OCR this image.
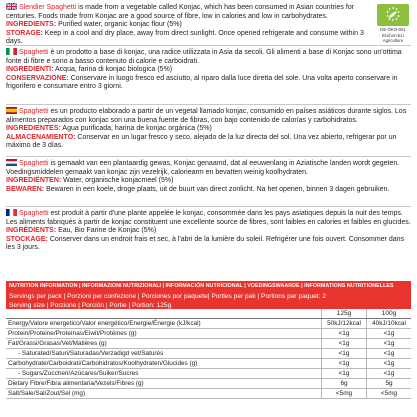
DE-ÖKO-001
EU/non-EU Agriculture
Slendier Spaghetti is made from a vegetable called Konjac, which has been consumed in Asian countries for centuries. Foods made from Konjac are a good source of fibre, low in calories and low in carbohydrates.
INGREDIENTS: Purified water, organic konjac flour (5%)
STORAGE: Keep in a cool and dry place, away from direct sunlight. Once opened refrigerate and consume within 3 days.
Spaghetti è un prodotto a base di konjac, una radice utilizzata in Asia da secoli. Gli alimenti a base di Konjac sono un'ottima fonte di fibre e sono a basso contenuto di calorie e carboidrati.
INGREDIENTI: Acqua, farina di konjac biologica (5%)
CONSERVAZIONE: Conservare in luogo fresco ed asciutto, al riparo dalla luce diretta del sole. Una volta aperto conservare in frigorifero e consumare entro 3 giorni.
Spaghetti es un producto elaborado a partir de un vegetal llamado konjac, consumido en países asiáticos durante siglos. Los alimentos preparados con konjac son una buena fuente de fibras, con bajo contenido de calorías y carbohidratos.
INGREDIENTES: Agua purificada, harina de konjac orgánica (5%)
ALMACENAMIENTO: Conservar en un lugar fresco y seco, alejado de la luz directa del sol. Una vez abierto, refrigerar por un máximo de 3 días.
Spaghetti is gemaakt van een plantaardig gewas, Konjac genaamd, dat al eeuwenlang in Aziatische landen wordt gegeten. Voedingsmiddelen gemaakt van konjac zijn vezelrijk, caloriearm en bevatten weinig koolhydraten.
INGREDIËNTEN: Water, organische konjacmeel (5%)
BEWAREN: Bewaren in een koele, droge plaats, uit de buurt van direct zonlicht. Na het openen, binnen 3 dagen gebruiken.
Spaghetti est produit à partir d'une plante appelée le konjac, consommée dans les pays asiatiques depuis la nuit des temps. Les aliments fabriqués à partir de konjac constituent une excellente source de fibres, sont faibles en calories et faibles en glucides.
INGRÉDIENTS: Eau, Bio Farine de Konjac (5%)
STOCKAGE: Conserver dans un endroit frais et sec, à l'abri de la lumière du soleil. Refrigérer une fois ouvert. Consommer dans les 3 jours.
NUTRITION INFORMATION | INFORMAZIONI NUTRIZIONALI | INFORMACIÓN NUTRICIONAL | VOEDINGSWAARDE | INFORMATIONS NUTRITIONELLES
Servings per pack | Porzioni per confezione | Porciones por paquete| Porties per pak | Portions par paquet: 2
Serving size | Porzione | Porción | Portie | Portion: 125g
	125g	100g
Energy/Valore energetico/Valor energético/Energie/Énergie (kJ/kcal)	50kJ/12kcal	40kJ/10kcal
Protein/Proteine/Proteínas/Eiwit/Protéines (g)	<1g	<1g
Fat/Grassi/Grasas/Vet/Matières (g)	<1g	<1g
- Saturated/Saturi/Saturadas/Verzadigd vet/Saturés	<1g	<1g
Carbohydrate/Carboidrati/Carbohidratos/Koolhydraten/Glucides (g)	<1g	<1g
- Sugars/Zuccheri/Azúcares/Suiker/Sucres	<1g	<1g
Dietary Fibre/Fibra alimentaria/Vezels/Fibres (g)	6g	5g
Salt/Sale/Sal/Zout/Sel (mg)	<5mg	<5mg
